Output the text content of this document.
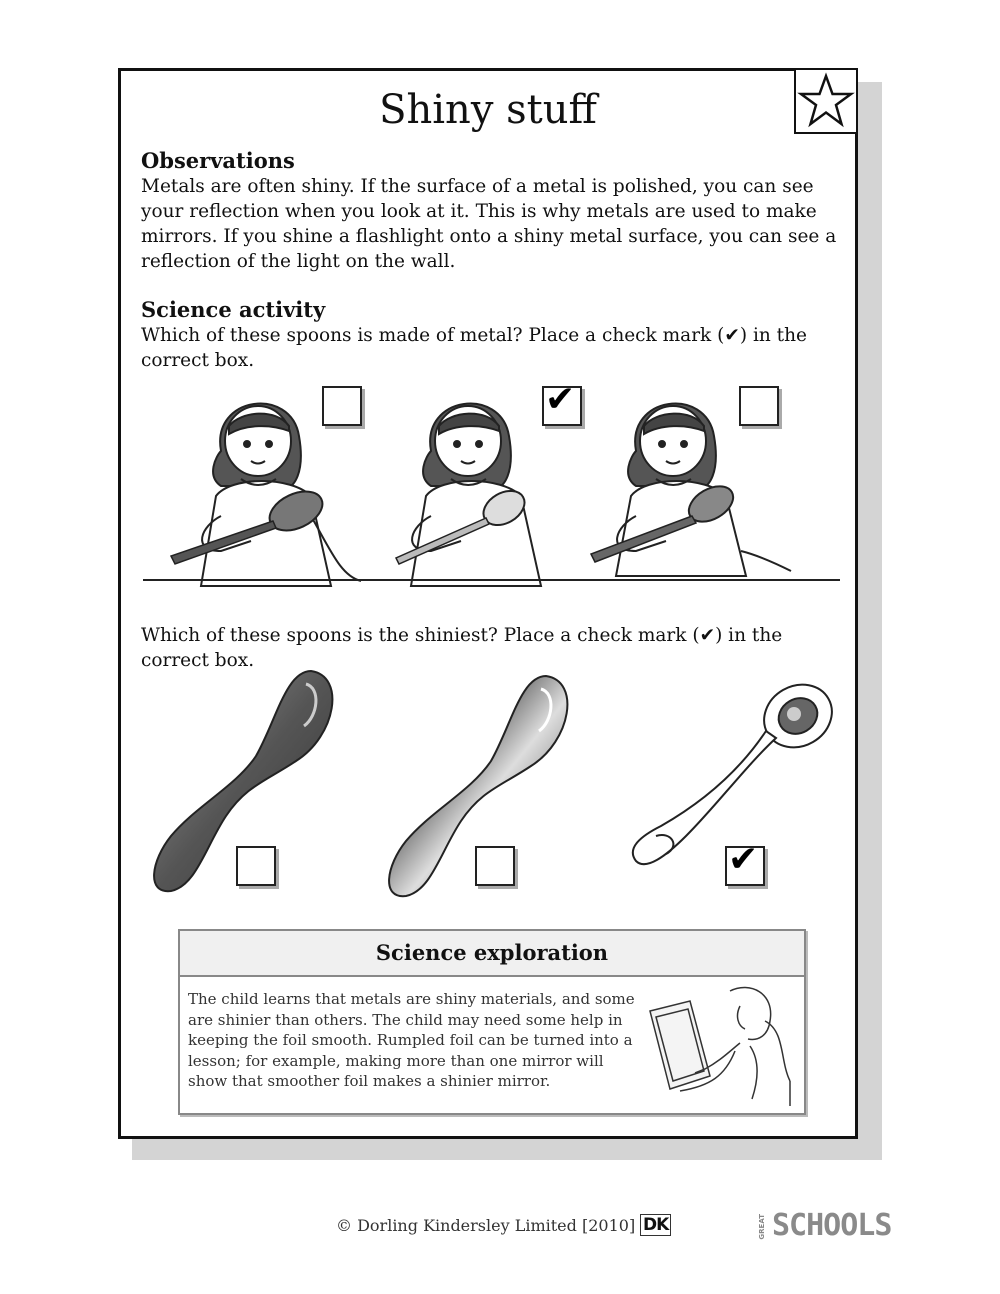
Shiny stuff
Observations
Metals are often shiny. If the surface of a metal is polished, you can see your reflection when you look at it. This is why metals are used to make mirrors. If you shine a flashlight onto a shiny metal surface, you can see a reflection of the light on the wall.
Science activity
Which of these spoons is made of metal? Place a check mark (✔) in the correct box.
✔
Which of these spoons is the shiniest? Place a check mark (✔) in the correct box.
✔
Science exploration
The child learns that metals are shiny materials, and some are shinier than others. The child may need some help in keeping the foil smooth. Rumpled foil can be turned into a lesson; for example, making more than one mirror will show that smoother foil makes a shinier mirror.
© Dorling Kindersley Limited [2010] DK	GREAT SCHOOLS
